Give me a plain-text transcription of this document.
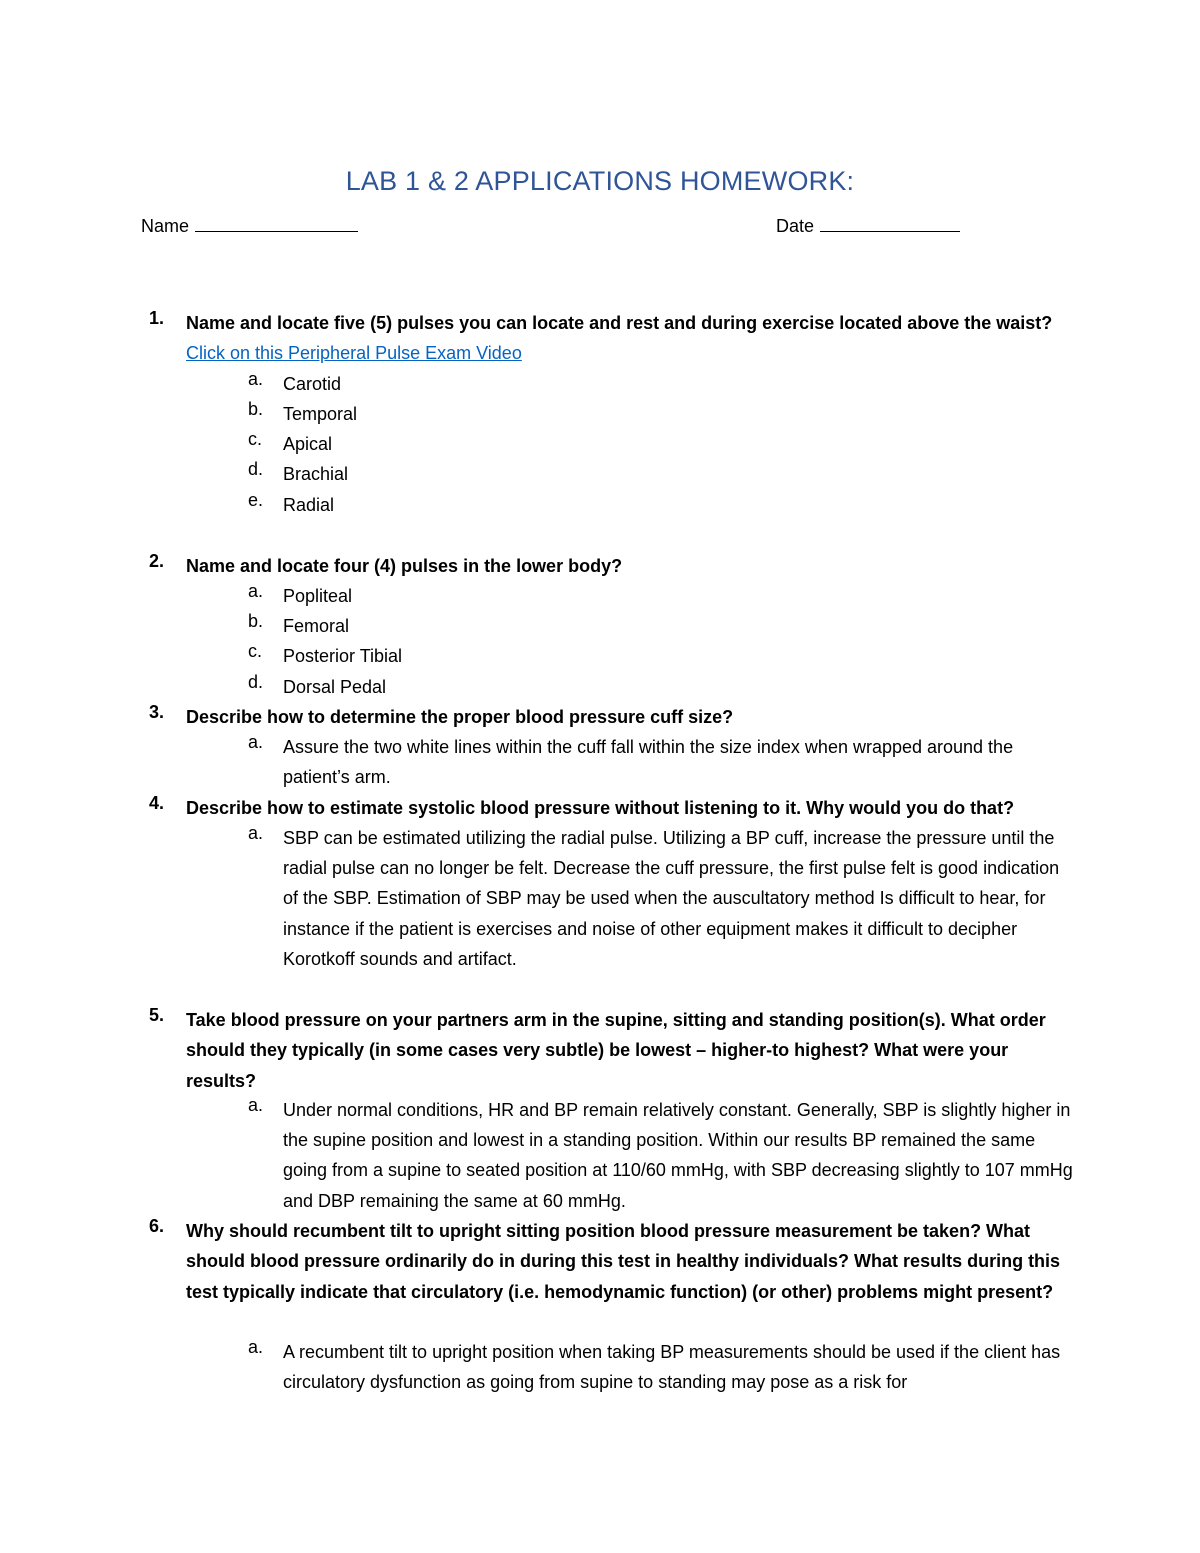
LAB 1 & 2 APPLICATIONS HOMEWORK:
Name	Date
1. Name and locate five (5) pulses you can locate and rest and during exercise located above the waist? Click on this Peripheral Pulse Exam Video
a. Carotid
b. Temporal
c. Apical
d. Brachial
e. Radial
2. Name and locate four (4) pulses in the lower body?
a. Popliteal
b. Femoral
c. Posterior Tibial
d. Dorsal Pedal
3. Describe how to determine the proper blood pressure cuff size?
a. Assure the two white lines within the cuff fall within the size index when wrapped around the patient’s arm.
4. Describe how to estimate systolic blood pressure without listening to it. Why would you do that?
a. SBP can be estimated utilizing the radial pulse. Utilizing a BP cuff, increase the pressure until the radial pulse can no longer be felt. Decrease the cuff pressure, the first pulse felt is good indication of the SBP. Estimation of SBP may be used when the auscultatory method Is difficult to hear, for instance if the patient is exercises and noise of other equipment makes it difficult to decipher Korotkoff sounds and artifact.
5. Take blood pressure on your partners arm in the supine, sitting and standing position(s). What order should they typically (in some cases very subtle) be lowest – higher-to highest? What were your results?
a. Under normal conditions, HR and BP remain relatively constant. Generally, SBP is slightly higher in the supine position and lowest in a standing position. Within our results BP remained the same going from a supine to seated position at 110/60 mmHg, with SBP decreasing slightly to 107 mmHg and DBP remaining the same at 60 mmHg.
6. Why should recumbent tilt to upright sitting position blood pressure measurement be taken? What should blood pressure ordinarily do in during this test in healthy individuals? What results during this test typically indicate that circulatory (i.e. hemodynamic function) (or other) problems might present?
a. A recumbent tilt to upright position when taking BP measurements should be used if the client has circulatory dysfunction as going from supine to standing may pose as a risk for
